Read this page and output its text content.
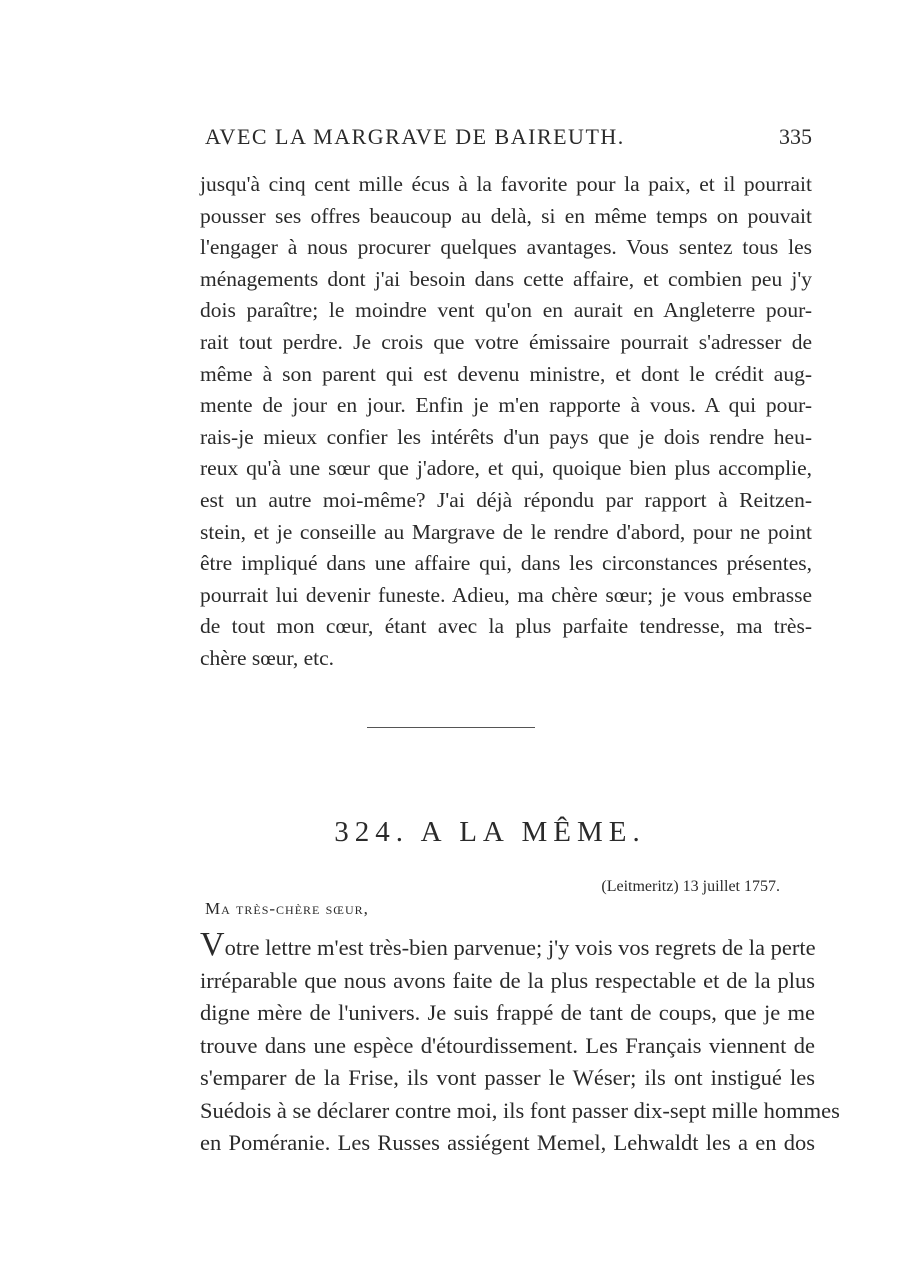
AVEC LA MARGRAVE DE BAIREUTH.	335
jusqu'à cinq cent mille écus à la favorite pour la paix, et il pourrait
pousser ses offres beaucoup au delà, si en même temps on pouvait
l'engager à nous procurer quelques avantages. Vous sentez tous les
ménagements dont j'ai besoin dans cette affaire, et combien peu j'y
dois paraître; le moindre vent qu'on en aurait en Angleterre pour-
rait tout perdre. Je crois que votre émissaire pourrait s'adresser de
même à son parent qui est devenu ministre, et dont le crédit aug-
mente de jour en jour. Enfin je m'en rapporte à vous. A qui pour-
rais-je mieux confier les intérêts d'un pays que je dois rendre heu-
reux qu'à une sœur que j'adore, et qui, quoique bien plus accomplie,
est un autre moi-même? J'ai déjà répondu par rapport à Reitzen-
stein, et je conseille au Margrave de le rendre d'abord, pour ne point
être impliqué dans une affaire qui, dans les circonstances présentes,
pourrait lui devenir funeste. Adieu, ma chère sœur; je vous embrasse
de tout mon cœur, étant avec la plus parfaite tendresse, ma très-
chère sœur, etc.
324. A LA MÊME.
(Leitmeritz) 13 juillet 1757.
Ma très-chère sœur,
Votre lettre m'est très-bien parvenue; j'y vois vos regrets de la perte
irréparable que nous avons faite de la plus respectable et de la plus
digne mère de l'univers. Je suis frappé de tant de coups, que je me
trouve dans une espèce d'étourdissement. Les Français viennent de
s'emparer de la Frise, ils vont passer le Wéser; ils ont instigué les
Suédois à se déclarer contre moi, ils font passer dix-sept mille hommes
en Poméranie. Les Russes assiégent Memel, Lehwaldt les a en dos
